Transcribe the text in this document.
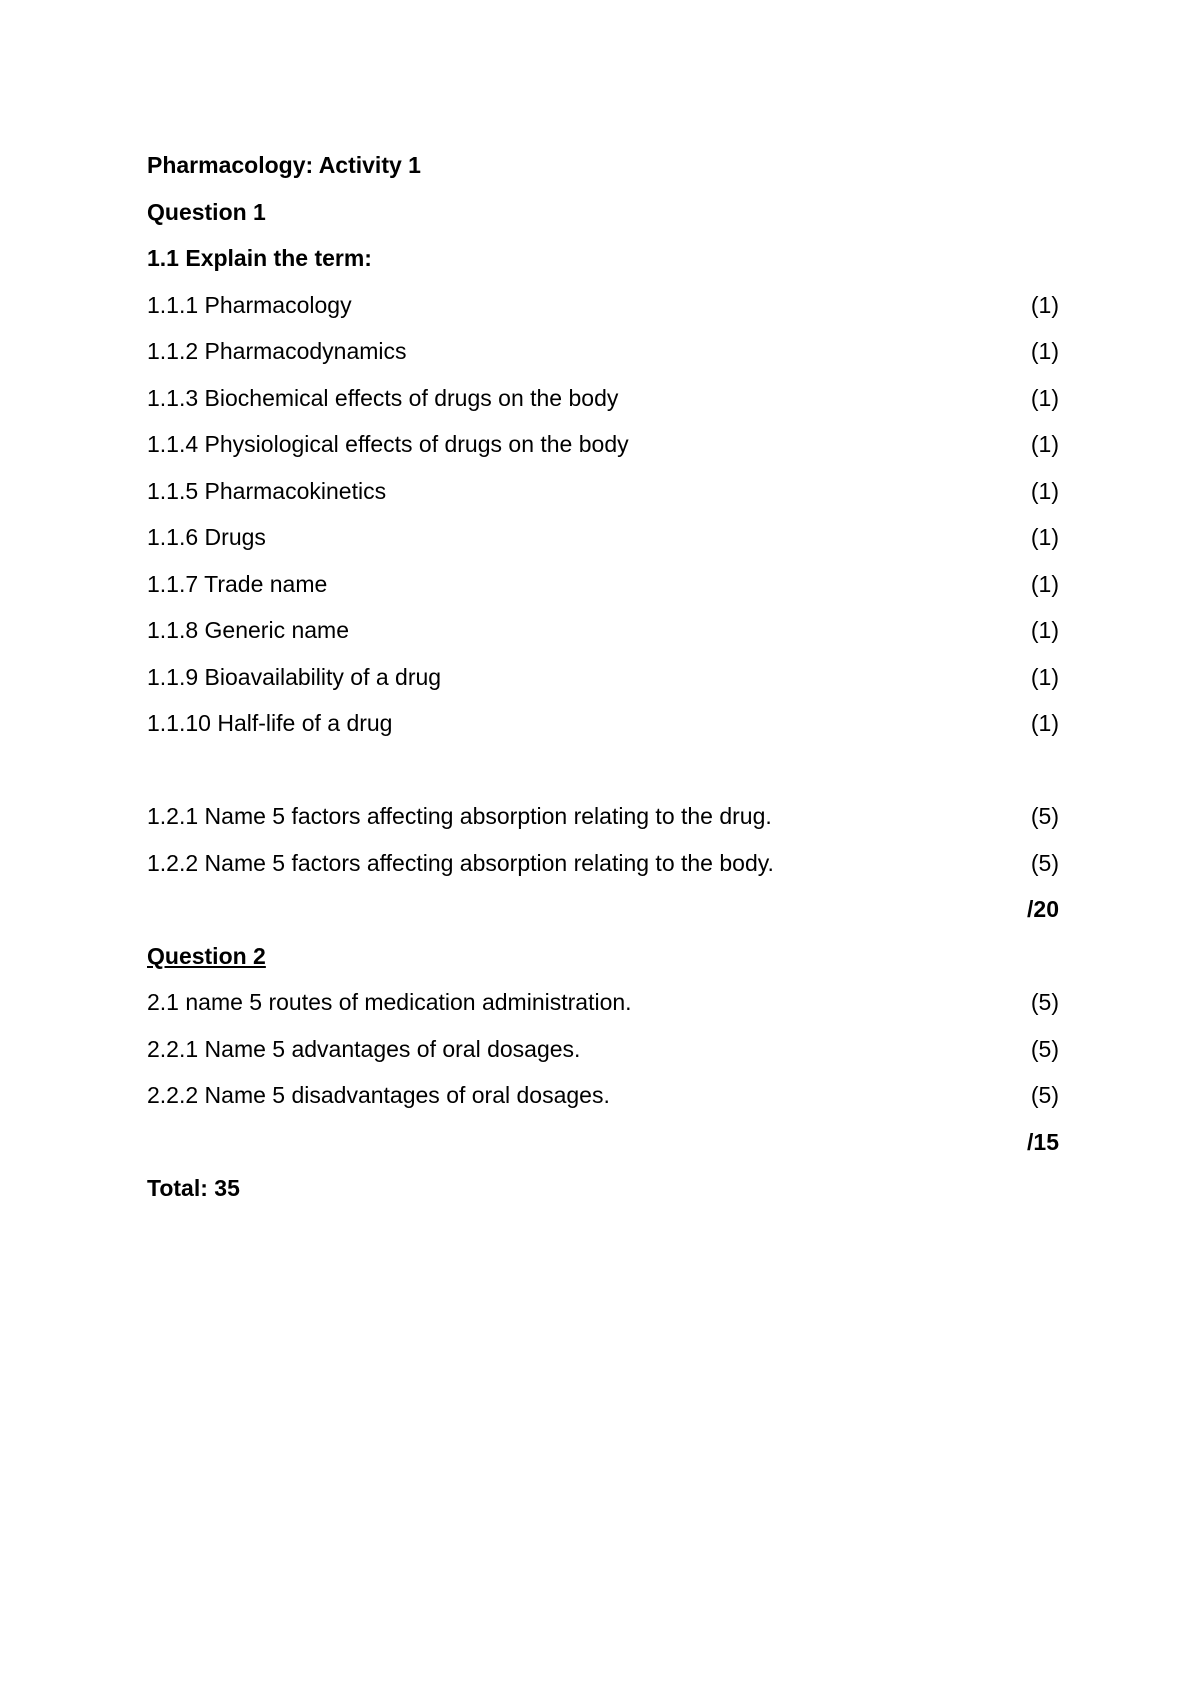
Pharmacology: Activity 1
Question 1
1.1 Explain the term:
1.1.1 Pharmacology	(1)
1.1.2 Pharmacodynamics	(1)
1.1.3 Biochemical effects of drugs on the body	(1)
1.1.4 Physiological effects of drugs on the body	(1)
1.1.5 Pharmacokinetics	(1)
1.1.6 Drugs	(1)
1.1.7 Trade name	(1)
1.1.8 Generic name	(1)
1.1.9 Bioavailability of a drug	(1)
1.1.10 Half-life of a drug	(1)
1.2.1 Name 5 factors affecting absorption relating to the drug.	(5)
1.2.2 Name 5 factors affecting absorption relating to the body.	(5)
/20
Question 2
2.1 name 5 routes of medication administration.	(5)
2.2.1 Name 5 advantages of oral dosages.	(5)
2.2.2 Name 5 disadvantages of oral dosages.	(5)
/15
Total: 35
